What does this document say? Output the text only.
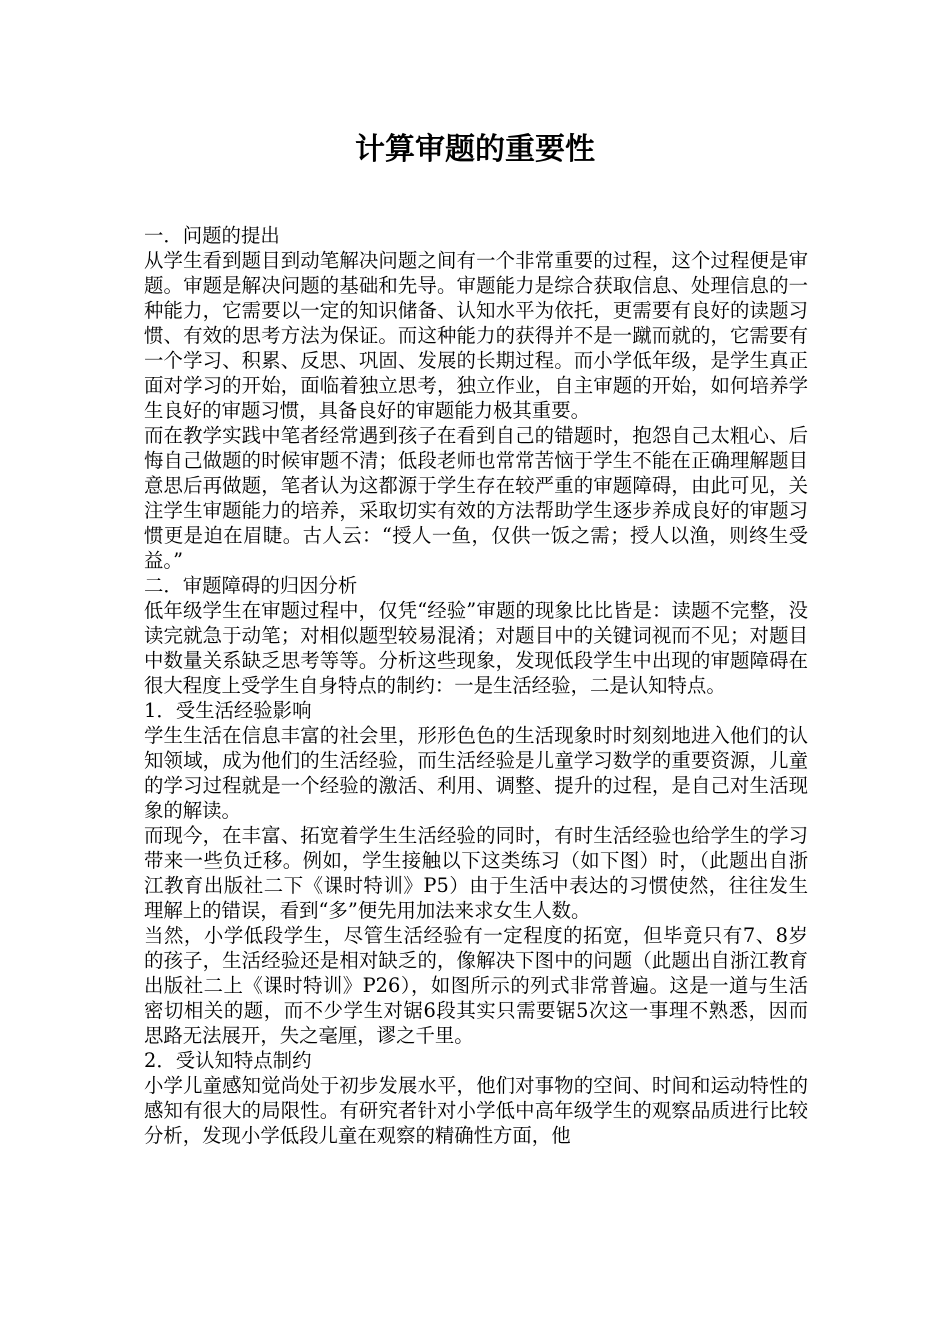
计算审题的重要性

一．问题的提出

从学生看到题目到动笔解决问题之间有一个非常重要的过程，这个过程便是审题。审题是解决问题的基础和先导。审题能力是综合获取信息、处理信息的一种能力，它需要以一定的知识储备、认知水平为依托，更需要有良好的读题习惯、有效的思考方法为保证。而这种能力的获得并不是一蹴而就的，它需要有一个学习、积累、反思、巩固、发展的长期过程。而小学低年级，是学生真正面对学习的开始，面临着独立思考，独立作业，自主审题的开始，如何培养学生良好的审题习惯，具备良好的审题能力极其重要。

而在教学实践中笔者经常遇到孩子在看到自己的错题时，抱怨自己太粗心、后悔自己做题的时候审题不清；低段老师也常常苦恼于学生不能在正确理解题目意思后再做题，笔者认为这都源于学生存在较严重的审题障碍，由此可见，关注学生审题能力的培养，采取切实有效的方法帮助学生逐步养成良好的审题习惯更是迫在眉睫。古人云：“授人一鱼，仅供一饭之需；授人以渔，则终生受益。”

二．审题障碍的归因分析

低年级学生在审题过程中，仅凭“经验”审题的现象比比皆是：读题不完整，没读完就急于动笔；对相似题型较易混淆；对题目中的关键词视而不见；对题目中数量关系缺乏思考等等。分析这些现象，发现低段学生中出现的审题障碍在很大程度上受学生自身特点的制约：一是生活经验，二是认知特点。

1．受生活经验影响

学生生活在信息丰富的社会里，形形色色的生活现象时时刻刻地进入他们的认知领域，成为他们的生活经验，而生活经验是儿童学习数学的重要资源，儿童的学习过程就是一个经验的激活、利用、调整、提升的过程，是自己对生活现象的解读。

而现今，在丰富、拓宽着学生生活经验的同时，有时生活经验也给学生的学习带来一些负迁移。例如，学生接触以下这类练习（如下图）时，（此题出自浙江教育出版社二下《课时特训》P5）由于生活中表达的习惯使然，往往发生理解上的错误，看到“多”便先用加法来求女生人数。

当然，小学低段学生，尽管生活经验有一定程度的拓宽，但毕竟只有7、8岁的孩子，生活经验还是相对缺乏的，像解决下图中的问题（此题出自浙江教育出版社二上《课时特训》P26），如图所示的列式非常普遍。这是一道与生活密切相关的题，而不少学生对锯6段其实只需要锯5次这一事理不熟悉，因而思路无法展开，失之毫厘，谬之千里。

2．受认知特点制约

小学儿童感知觉尚处于初步发展水平，他们对事物的空间、时间和运动特性的感知有很大的局限性。有研究者针对小学低中高年级学生的观察品质进行比较分析，发现小学低段儿童在观察的精确性方面，他
